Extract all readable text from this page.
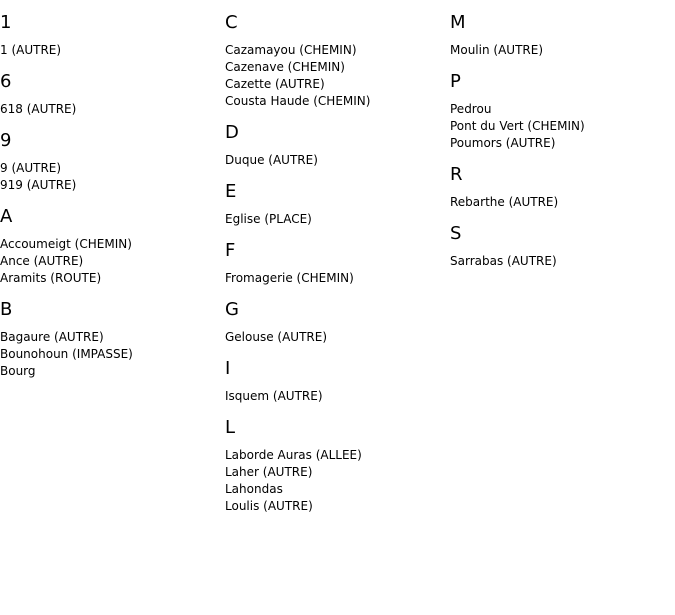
1
1 (AUTRE)
6
618 (AUTRE)
9
9 (AUTRE)
919 (AUTRE)
A
Accoumeigt (CHEMIN)
Ance (AUTRE)
Aramits (ROUTE)
B
Bagaure (AUTRE)
Bounohoun (IMPASSE)
Bourg
C
Cazamayou (CHEMIN)
Cazenave (CHEMIN)
Cazette (AUTRE)
Cousta Haude (CHEMIN)
D
Duque (AUTRE)
E
Eglise (PLACE)
F
Fromagerie (CHEMIN)
G
Gelouse (AUTRE)
I
Isquem (AUTRE)
L
Laborde Auras (ALLEE)
Laher (AUTRE)
Lahondas
Loulis (AUTRE)
M
Moulin (AUTRE)
P
Pedrou
Pont du Vert (CHEMIN)
Poumors (AUTRE)
R
Rebarthe (AUTRE)
S
Sarrabas (AUTRE)
